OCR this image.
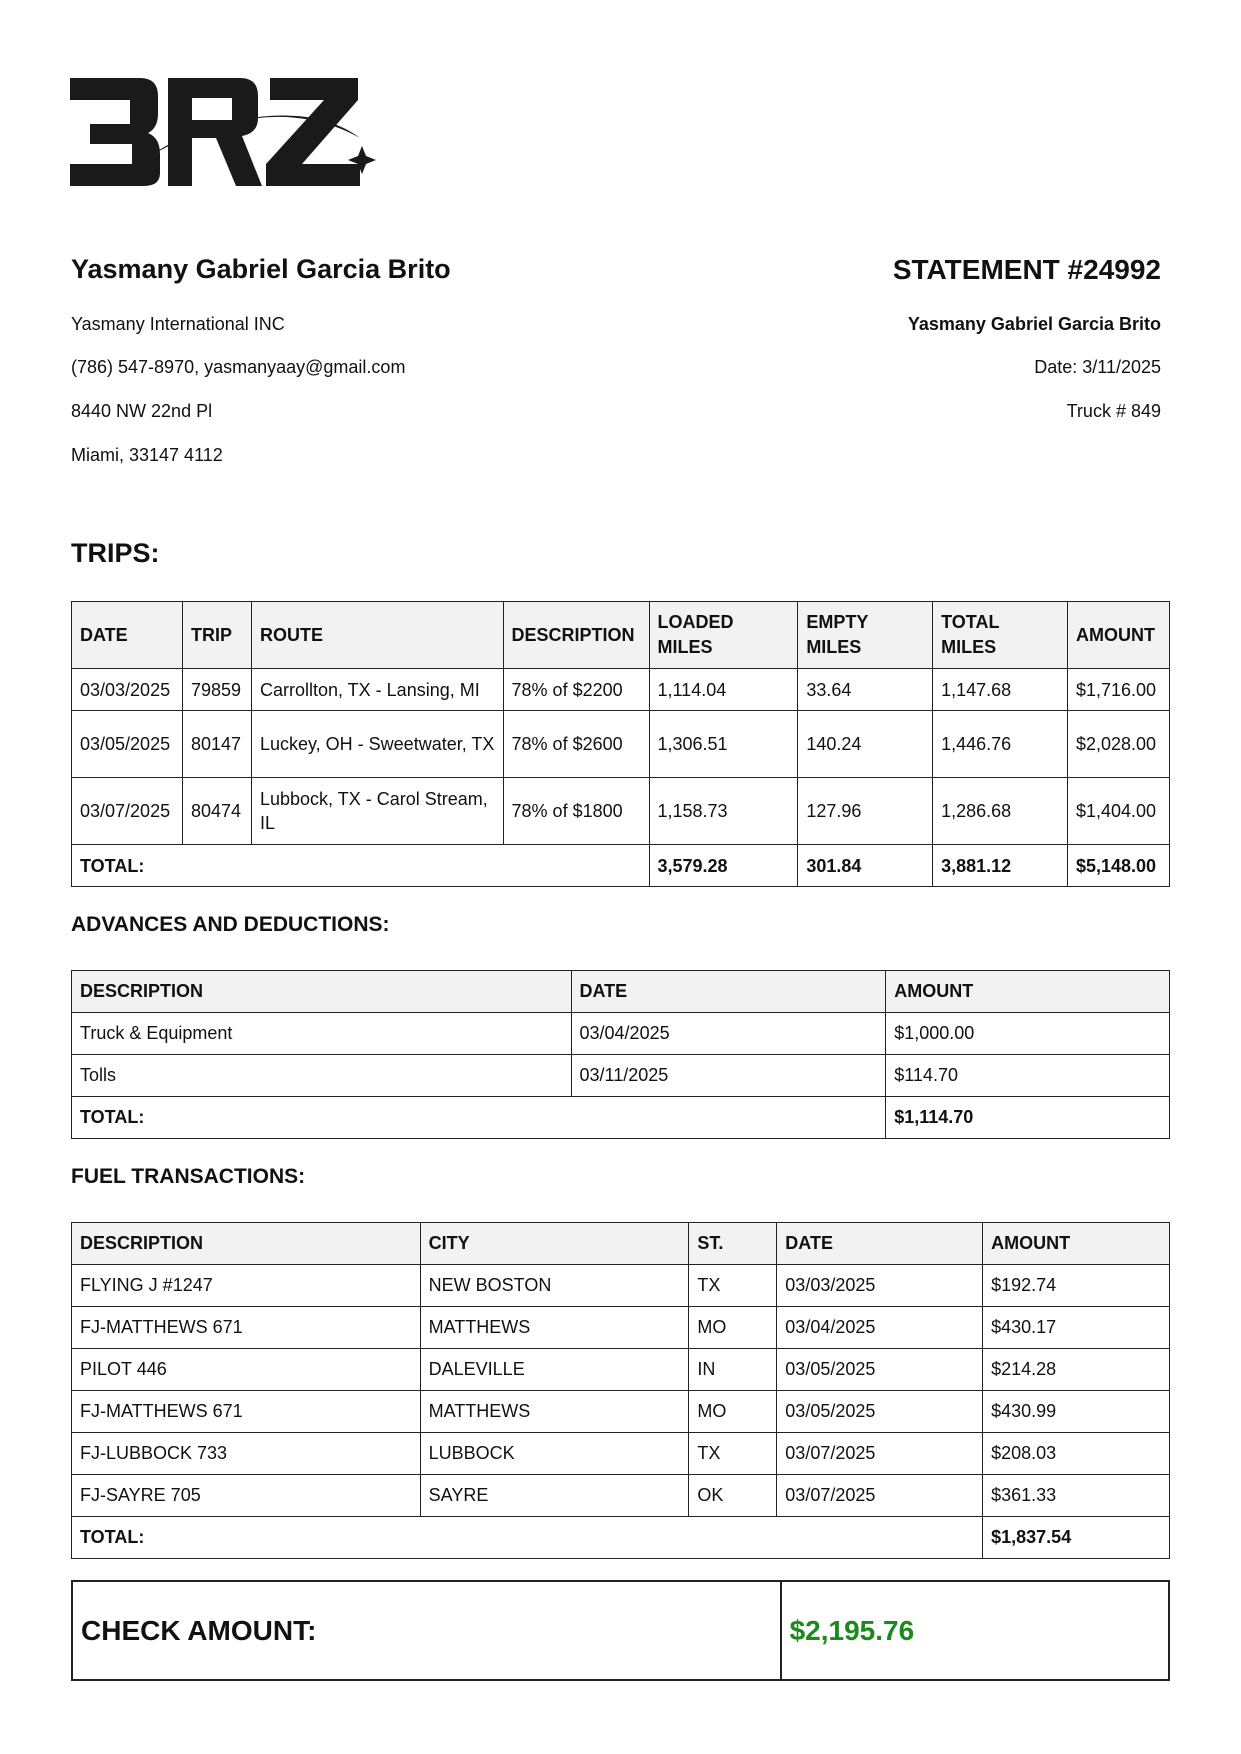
Yasmany Gabriel Garcia Brito	STATEMENT #24992
Yasmany International INC
(786) 547-8970, yasmanyaay@gmail.com
8440 NW 22nd Pl
Miami, 33147 4112
Yasmany Gabriel Garcia Brito
Date: 3/11/2025
Truck # 849
TRIPS:
DATE	TRIP	ROUTE	DESCRIPTION	LOADED MILES	EMPTY MILES	TOTAL MILES	AMOUNT
03/03/2025	79859	Carrollton, TX - Lansing, MI	78% of $2200	1,114.04	33.64	1,147.68	$1,716.00
03/05/2025	80147	Luckey, OH - Sweetwater, TX	78% of $2600	1,306.51	140.24	1,446.76	$2,028.00
03/07/2025	80474	Lubbock, TX - Carol Stream, IL	78% of $1800	1,158.73	127.96	1,286.68	$1,404.00
TOTAL:				3,579.28	301.84	3,881.12	$5,148.00
ADVANCES AND DEDUCTIONS:
DESCRIPTION	DATE	AMOUNT
Truck & Equipment	03/04/2025	$1,000.00
Tolls	03/11/2025	$114.70
TOTAL:		$1,114.70
FUEL TRANSACTIONS:
DESCRIPTION	CITY	ST.	DATE	AMOUNT
FLYING J #1247	NEW BOSTON	TX	03/03/2025	$192.74
FJ-MATTHEWS 671	MATTHEWS	MO	03/04/2025	$430.17
PILOT 446	DALEVILLE	IN	03/05/2025	$214.28
FJ-MATTHEWS 671	MATTHEWS	MO	03/05/2025	$430.99
FJ-LUBBOCK 733	LUBBOCK	TX	03/07/2025	$208.03
FJ-SAYRE 705	SAYRE	OK	03/07/2025	$361.33
TOTAL:				$1,837.54
CHECK AMOUNT:	$2,195.76
